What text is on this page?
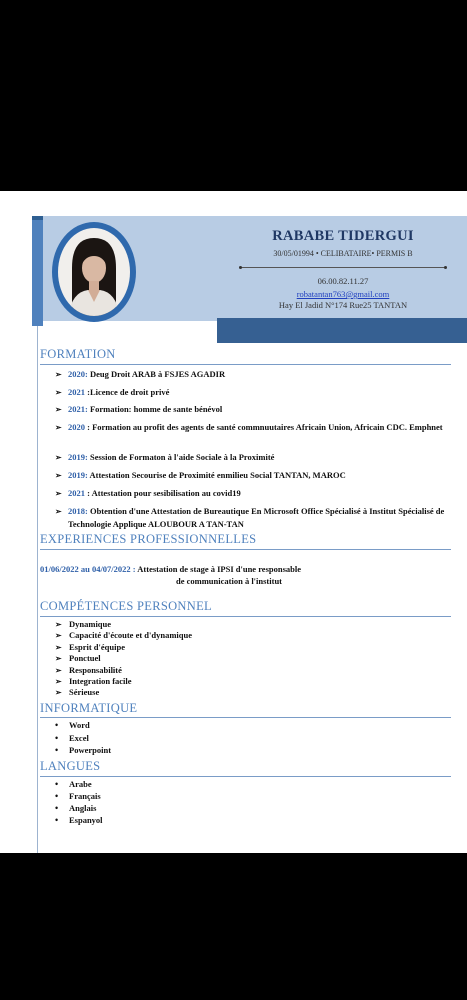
RABABE TIDERGUI
30/05/01994 • CELIBATAIRE• PERMIS B
06.00.82.11.27
robatantan763@gmail.com
Hay El Jadid N°174 Rue25 TANTAN
FORMATION
➢ 2020: Deug Droit ARAB à FSJES AGADIR
➢ 2021 :Licence de droit privé
➢ 2021: Formation: homme de sante bénévol
➢ 2020 : Formation au profit des agents de santé commnuutaires Africain Union, Africain CDC. Emphnet
➢ 2019: Session de Formaton à l'aide Sociale à la Proximité
➢ 2019: Attestation Secourise de Proximité enmilieu Social TANTAN, MAROC
➢ 2021 : Attestation pour sesibilisation au covid19
➢ 2018: Obtention d'une Attestation de Bureautique En Microsoft Office Spécialisé à Institut Spécialisé de Technologie Applique ALOUBOUR A TAN-TAN
EXPERIENCES PROFESSIONNELLES
01/06/2022 au 04/07/2022 : Attestation de stage à IPSI d'une responsable
de communication à l'institut
COMPÉTENCES PERSONNEL
➢ Dynamique
➢ Capacité d'écoute et d'dynamique
➢ Esprit d'équipe
➢ Ponctuel
➢ Responsabilité
➢ Integration facile
➢ Sérieuse
INFORMATIQUE
• Word
• Excel
• Powerpoint
LANGUES
• Arabe
• Français
• Anglais
• Espanyol
